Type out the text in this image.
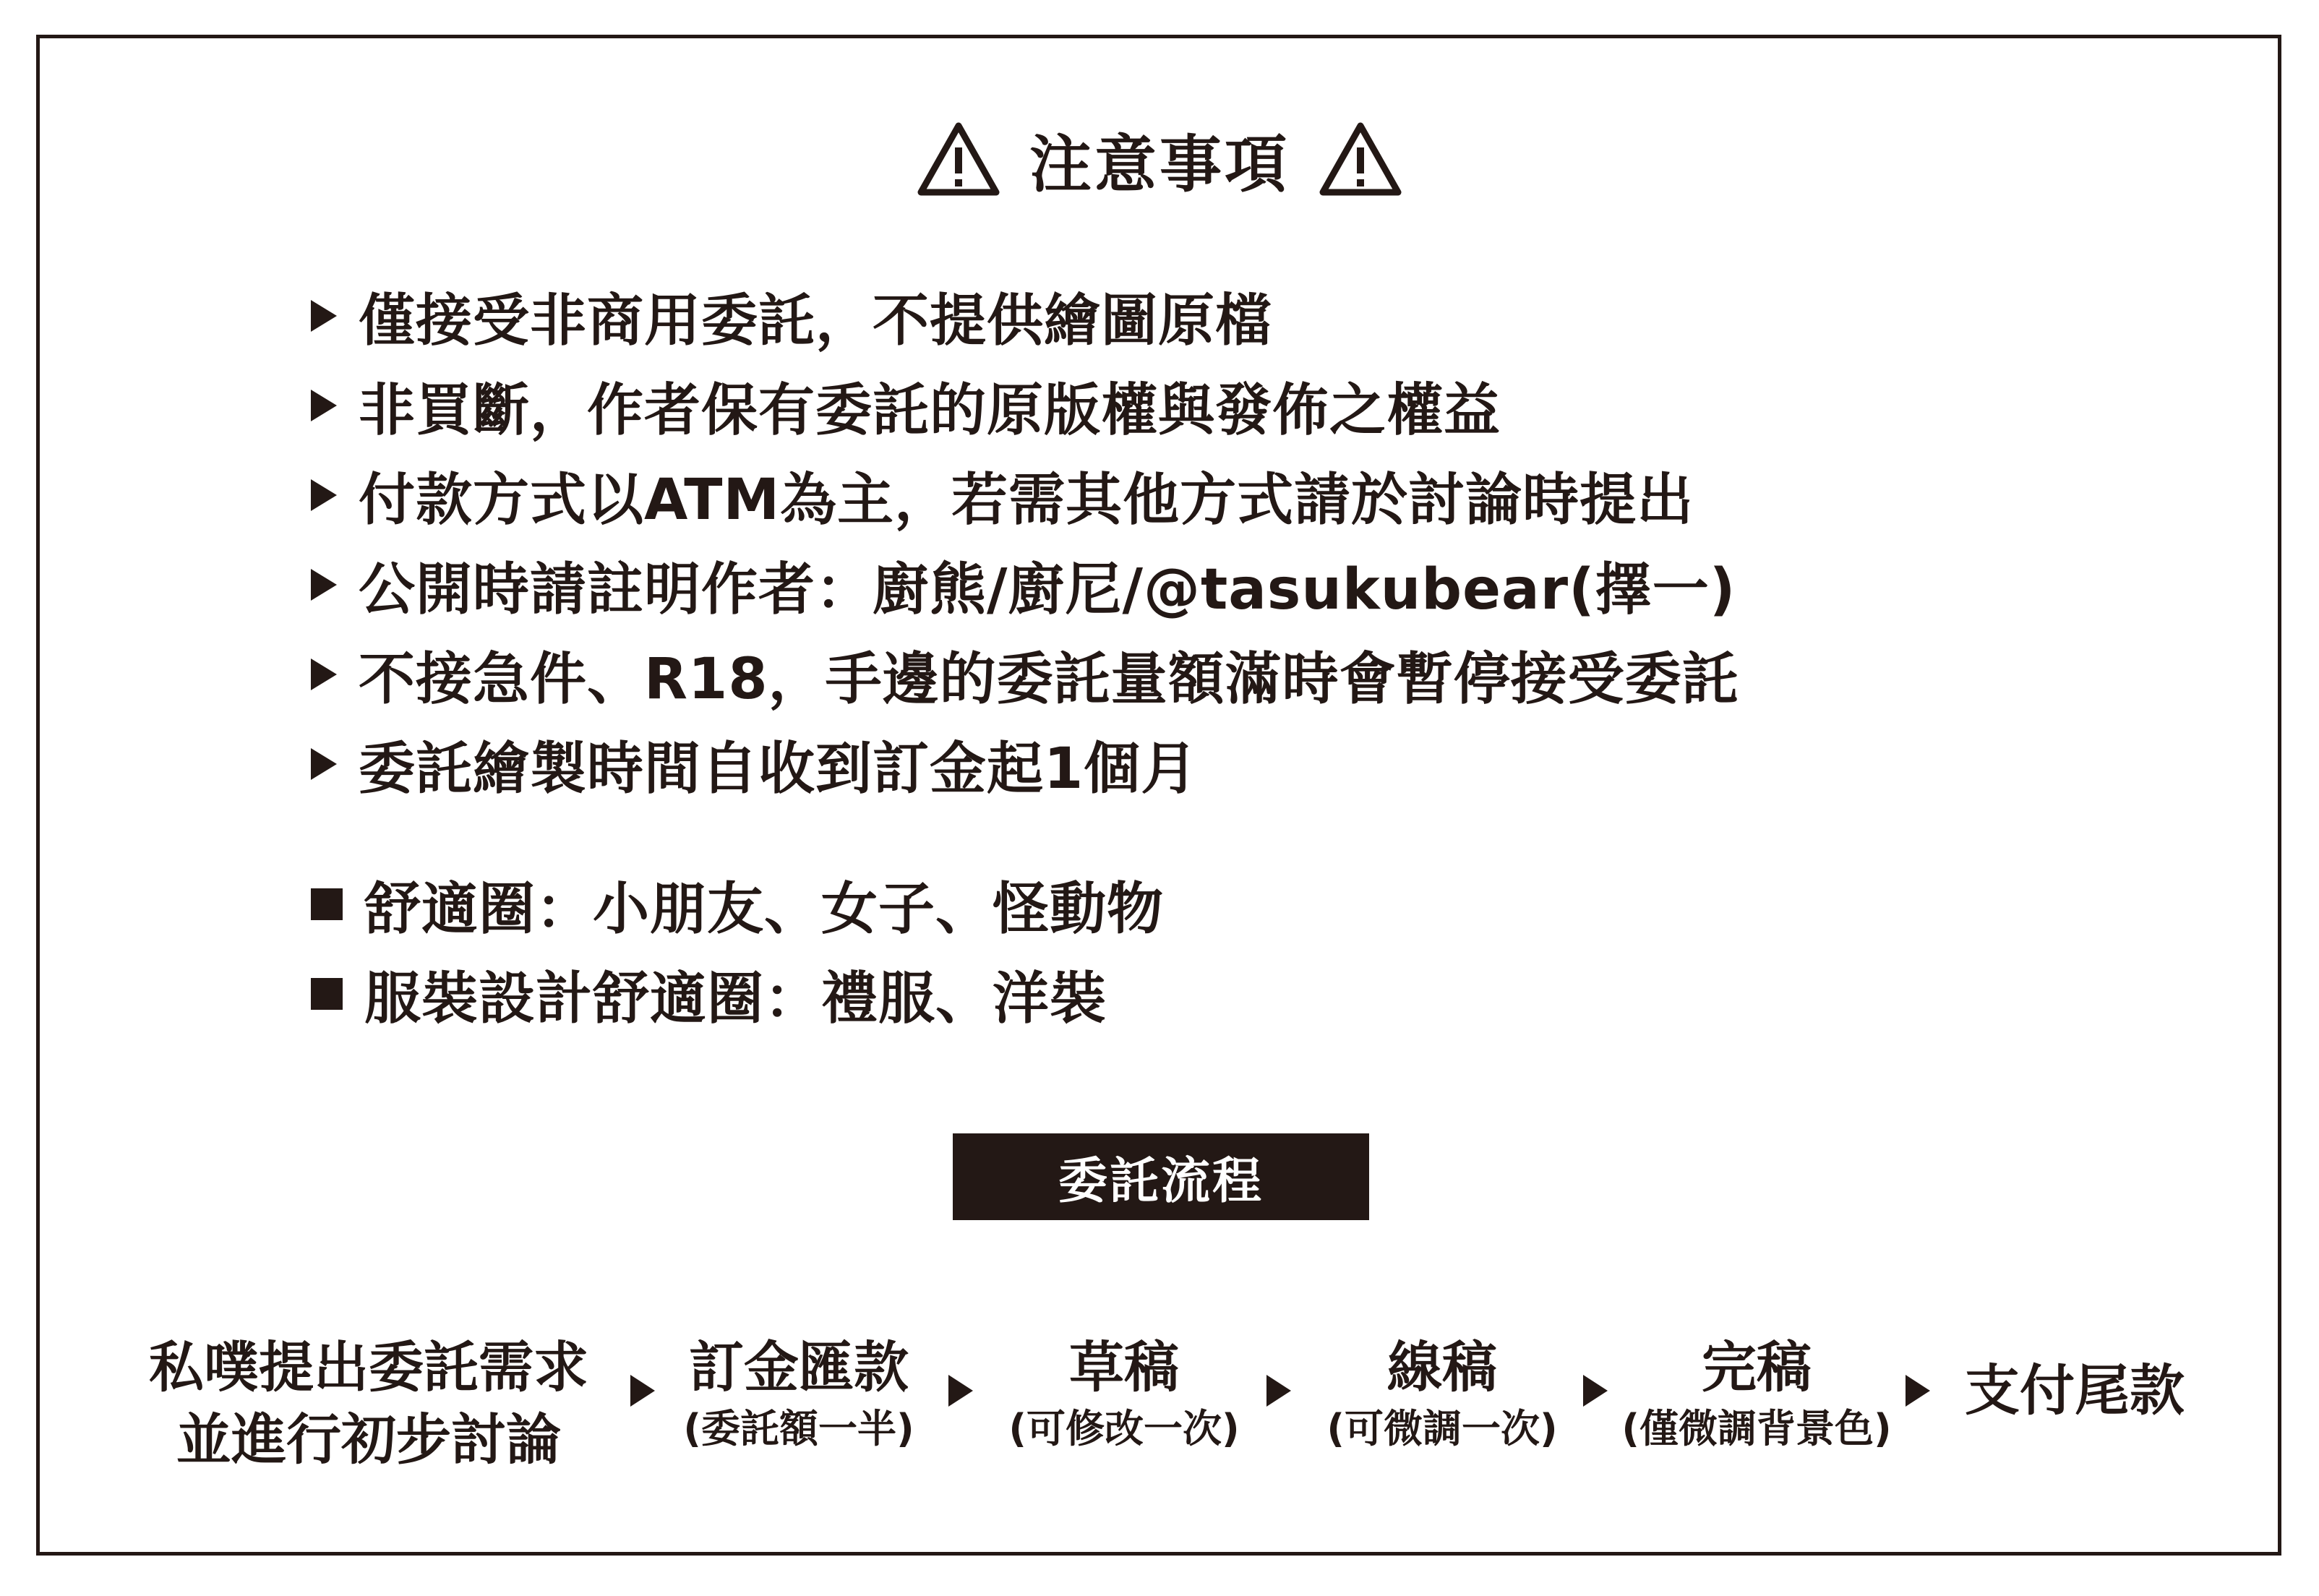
注意事項
僅接受非商用委託，不提供繪圖原檔
非買斷，作者保有委託的原版權與發佈之權益
付款方式以ATM為主，若需其他方式請於討論時提出
公開時請註明作者：廚熊/廚尼/@tasukubear(擇一)
不接急件、R18，手邊的委託量額滿時會暫停接受委託
委託繪製時間自收到訂金起1個月
舒適圈：小朋友、女子、怪動物
服裝設計舒適圈：禮服、洋裝
委託流程
私噗提出委託需求
並進行初步討論
訂金匯款
(委託額一半)
草稿
(可修改一次)
線稿
(可微調一次)
完稿
(僅微調背景色)
支付尾款
